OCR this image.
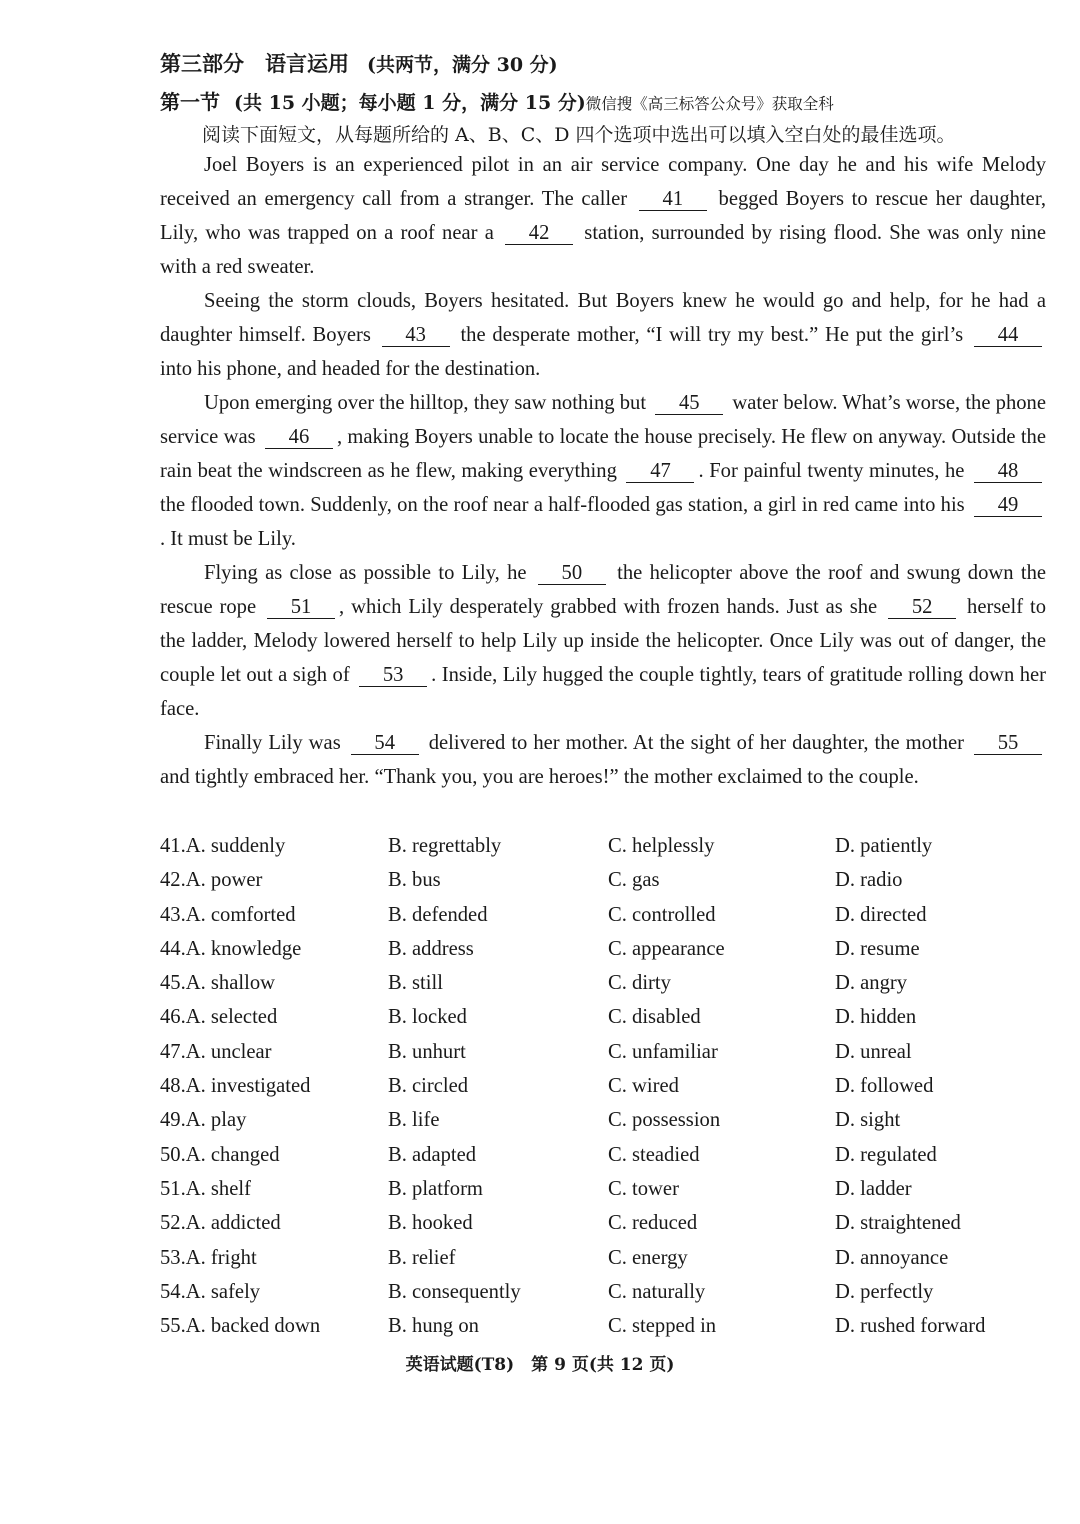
第三部分　语言运用 (共两节，满分 30 分)
第一节 (共 15 小题；每小题 1 分，满分 15 分)微信搜《高三标答公众号》获取全科
阅读下面短文，从每题所给的 A、B、C、D 四个选项中选出可以填入空白处的最佳选项。

Joel Boyers is an experienced pilot in an air service company. One day he and his wife Melody received an emergency call from a stranger. The caller 41 begged Boyers to rescue her daughter, Lily, who was trapped on a roof near a 42 station, surrounded by rising flood. She was only nine with a red sweater.

Seeing the storm clouds, Boyers hesitated. But Boyers knew he would go and help, for he had a daughter himself. Boyers 43 the desperate mother, “I will try my best.” He put the girl’s 44 into his phone, and headed for the destination.

Upon emerging over the hilltop, they saw nothing but 45 water below. What’s worse, the phone service was 46 , making Boyers unable to locate the house precisely. He flew on anyway. Outside the rain beat the windscreen as he flew, making everything 47 . For painful twenty minutes, he 48 the flooded town. Suddenly, on the roof near a half-flooded gas station, a girl in red came into his 49. It must be Lily.

Flying as close as possible to Lily, he 50 the helicopter above the roof and swung down the rescue rope 51 , which Lily desperately grabbed with frozen hands. Just as she 52 herself to the ladder, Melody lowered herself to help Lily up inside the helicopter. Once Lily was out of danger, the couple let out a sigh of 53 . Inside, Lily hugged the couple tightly, tears of gratitude rolling down her face.

Finally Lily was 54 delivered to her mother. At the sight of her daughter, the mother 55 and tightly embraced her. “Thank you, you are heroes!” the mother exclaimed to the couple.

41.A. suddenly	B. regrettably	C. helplessly	D. patiently
42.A. power	B. bus	C. gas	D. radio
43.A. comforted	B. defended	C. controlled	D. directed
44.A. knowledge	B. address	C. appearance	D. resume
45.A. shallow	B. still	C. dirty	D. angry
46.A. selected	B. locked	C. disabled	D. hidden
47.A. unclear	B. unhurt	C. unfamiliar	D. unreal
48.A. investigated	B. circled	C. wired	D. followed
49.A. play	B. life	C. possession	D. sight
50.A. changed	B. adapted	C. steadied	D. regulated
51.A. shelf	B. platform	C. tower	D. ladder
52.A. addicted	B. hooked	C. reduced	D. straightened
53.A. fright	B. relief	C. energy	D. annoyance
54.A. safely	B. consequently	C. naturally	D. perfectly
55.A. backed down	B. hung on	C. stepped in	D. rushed forward
英语试题(T8)　第 9 页(共 12 页)
